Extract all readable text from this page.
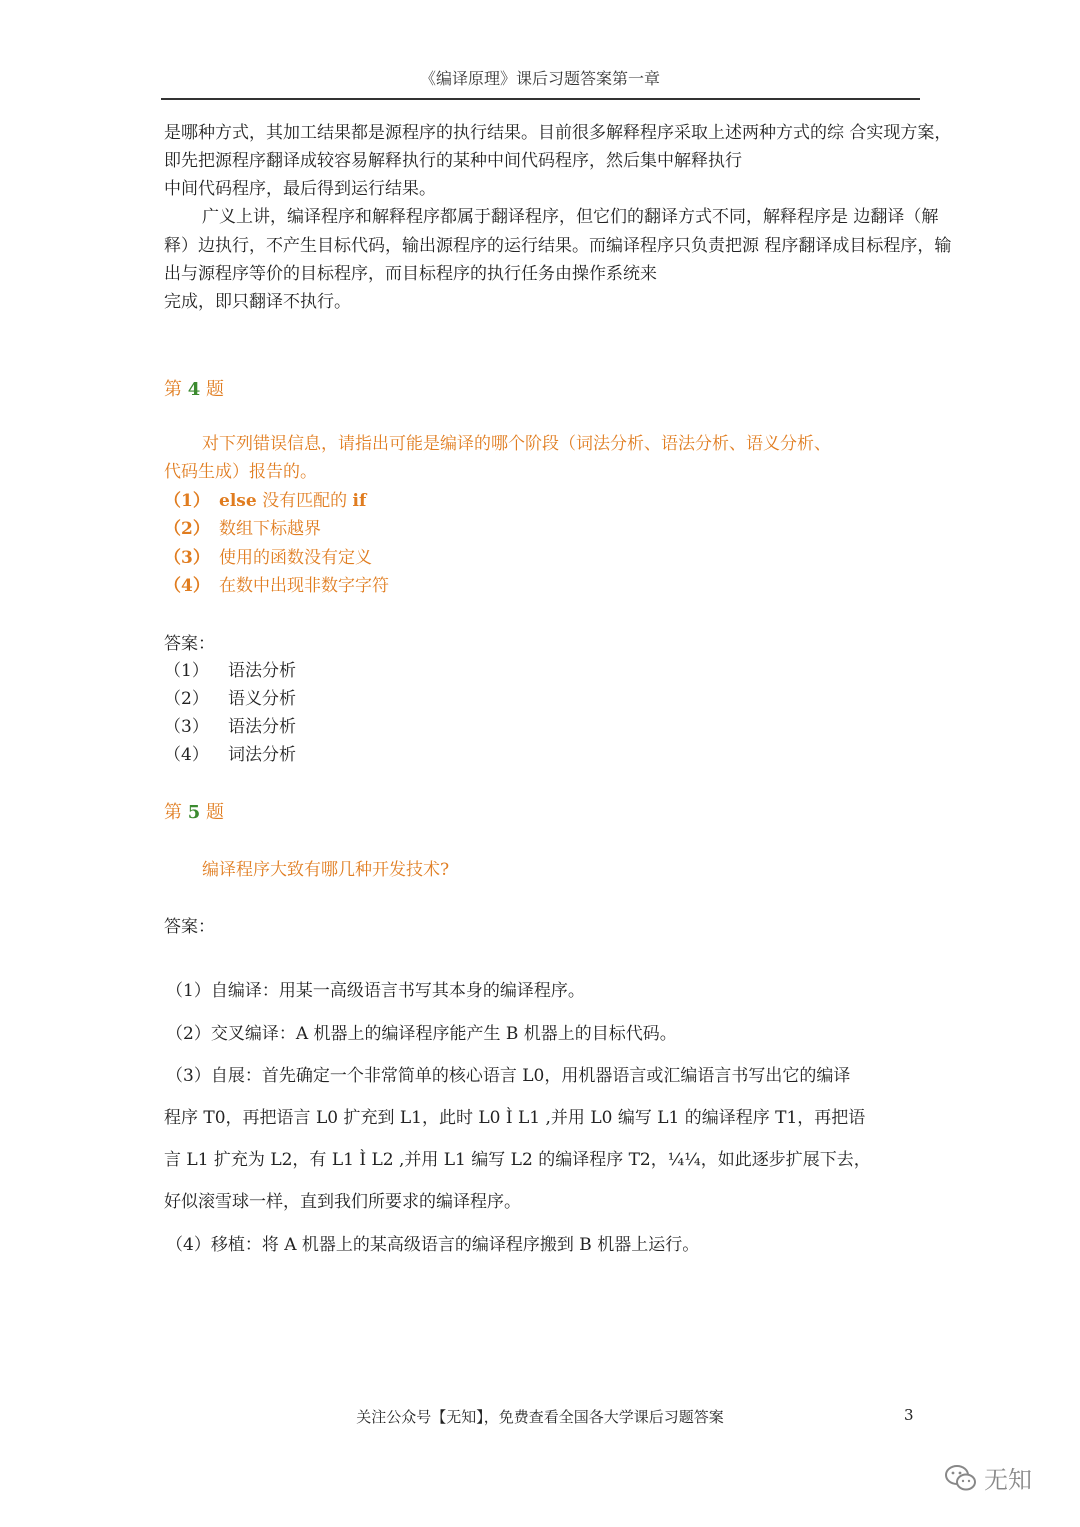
《编译原理》课后习题答案第一章
是哪种方式，其加工结果都是源程序的执行结果。目前很多解释程序采取上述两种方式的综 合实现方案，
即先把源程序翻译成较容易解释执行的某种中间代码程序，然后集中解释执行
中间代码程序，最后得到运行结果。
广义上讲，编译程序和解释程序都属于翻译程序，但它们的翻译方式不同，解释程序是 边翻译（解
释）边执行，不产生目标代码，输出源程序的运行结果。而编译程序只负责把源 程序翻译成目标程序，输
出与源程序等价的目标程序，而目标程序的执行任务由操作系统来
完成，即只翻译不执行。
第 4 题
对下列错误信息，请指出可能是编译的哪个阶段（词法分析、语法分析、语义分析、
代码生成）报告的。
（1） else 没有匹配的 if
（2） 数组下标越界
（3） 使用的函数没有定义
（4） 在数中出现非数字字符
答案：
（1） 语法分析
（2） 语义分析
（3） 语法分析
（4） 词法分析
第 5 题
编译程序大致有哪几种开发技术?
答案：
（1）自编译：用某一高级语言书写其本身的编译程序。
（2）交叉编译：A 机器上的编译程序能产生 B 机器上的目标代码。
（3）自展：首先确定一个非常简单的核心语言 L0，用机器语言或汇编语言书写出它的编译
程序 T0，再把语言 L0 扩充到 L1，此时 L0 Ì L1 ,并用 L0 编写 L1 的编译程序 T1，再把语
言 L1 扩充为 L2，有 L1 Ì L2 ,并用 L1 编写 L2 的编译程序 T2，¼¼，如此逐步扩展下去，
好似滚雪球一样，直到我们所要求的编译程序。
（4）移植：将 A 机器上的某高级语言的编译程序搬到 B 机器上运行。
关注公众号【无知】，免费查看全国各大学课后习题答案	3
无知
